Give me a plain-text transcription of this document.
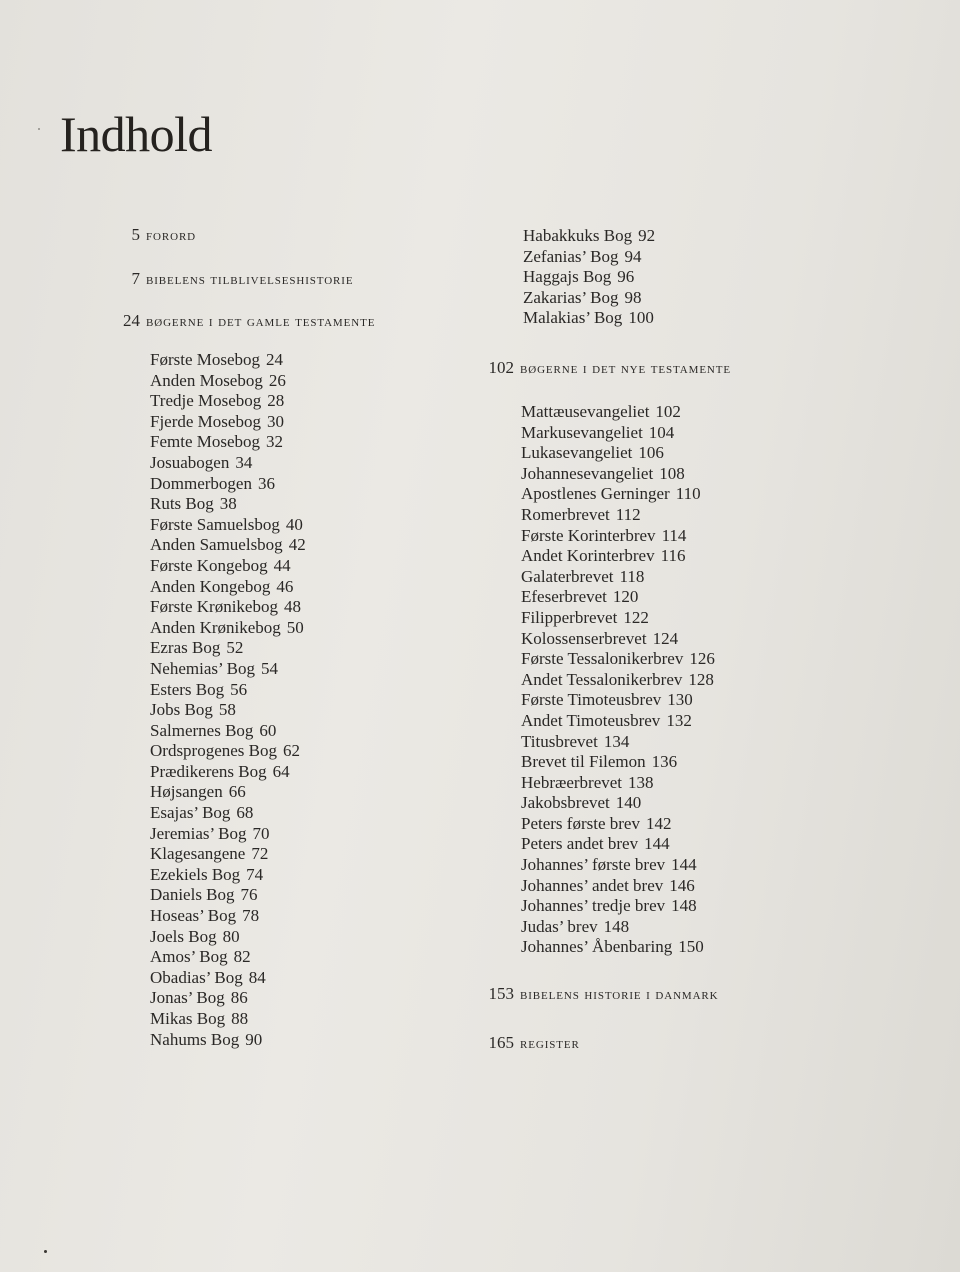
Indhold
5 forord
7 bibelens tilblivelseshistorie
24 bøgerne i det gamle testamente
Første Mosebog 24
Anden Mosebog 26
Tredje Mosebog 28
Fjerde Mosebog 30
Femte Mosebog 32
Josuabogen 34
Dommerbogen 36
Ruts Bog 38
Første Samuelsbog 40
Anden Samuelsbog 42
Første Kongebog 44
Anden Kongebog 46
Første Krønikebog 48
Anden Krønikebog 50
Ezras Bog 52
Nehemias’ Bog 54
Esters Bog 56
Jobs Bog 58
Salmernes Bog 60
Ordsprogenes Bog 62
Prædikerens Bog 64
Højsangen 66
Esajas’ Bog 68
Jeremias’ Bog 70
Klagesangene 72
Ezekiels Bog 74
Daniels Bog 76
Hoseas’ Bog 78
Joels Bog 80
Amos’ Bog 82
Obadias’ Bog 84
Jonas’ Bog 86
Mikas Bog 88
Nahums Bog 90
Habakkuks Bog 92
Zefanias’ Bog 94
Haggajs Bog 96
Zakarias’ Bog 98
Malakias’ Bog 100
102 bøgerne i det nye testamente
Mattæusevangeliet 102
Markusevangeliet 104
Lukasevangeliet 106
Johannesevangeliet 108
Apostlenes Gerninger 110
Romerbrevet 112
Første Korinterbrev 114
Andet Korinterbrev 116
Galaterbrevet 118
Efeserbrevet 120
Filipperbrevet 122
Kolossenserbrevet 124
Første Tessalonikerbrev 126
Andet Tessalonikerbrev 128
Første Timoteusbrev 130
Andet Timoteusbrev 132
Titusbrevet 134
Brevet til Filemon 136
Hebræerbrevet 138
Jakobsbrevet 140
Peters første brev 142
Peters andet brev 144
Johannes’ første brev 144
Johannes’ andet brev 146
Johannes’ tredje brev 148
Judas’ brev 148
Johannes’ Åbenbaring 150
153 bibelens historie i danmark
165 register
